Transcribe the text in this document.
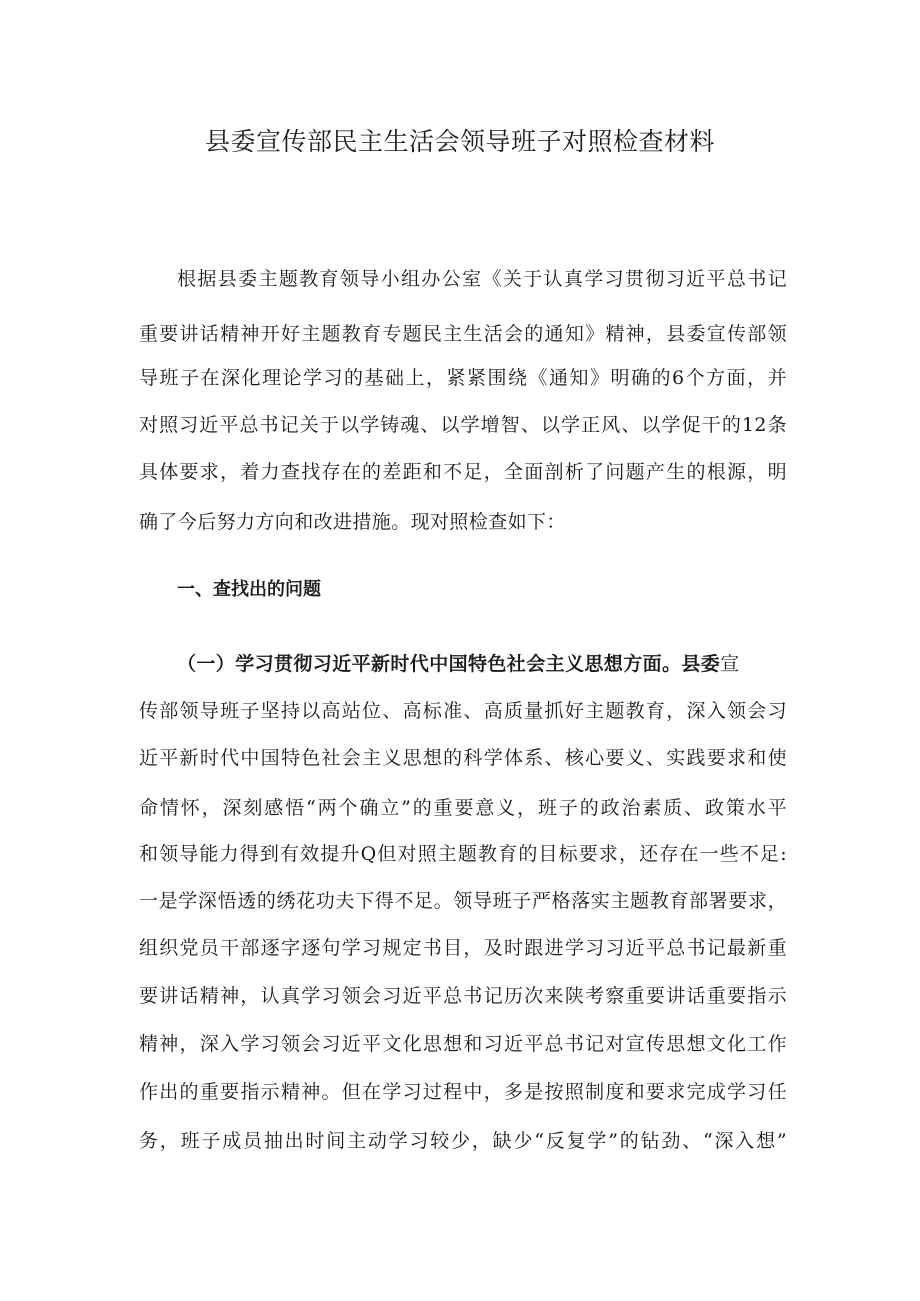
县委宣传部民主生活会领导班子对照检查材料
根据县委主题教育领导小组办公室《关于认真学习贯彻习近平总书记
重要讲话精神开好主题教育专题民主生活会的通知》精神，县委宣传部领
导班子在深化理论学习的基础上，紧紧围绕《通知》明确的6个方面，并
对照习近平总书记关于以学铸魂、以学增智、以学正风、以学促干的12条
具体要求，着力查找存在的差距和不足，全面剖析了问题产生的根源，明
确了今后努力方向和改进措施。现对照检查如下：
一、查找出的问题
（一）学习贯彻习近平新时代中国特色社会主义思想方面。县委宣
传部领导班子坚持以高站位、高标准、高质量抓好主题教育，深入领会习
近平新时代中国特色社会主义思想的科学体系、核心要义、实践要求和使
命情怀，深刻感悟“两个确立”的重要意义，班子的政治素质、政策水平
和领导能力得到有效提升Q但对照主题教育的目标要求，还存在一些不足:
一是学深悟透的绣花功夫下得不足。领导班子严格落实主题教育部署要求，
组织党员干部逐字逐句学习规定书目，及时跟进学习习近平总书记最新重
要讲话精神，认真学习领会习近平总书记历次来陕考察重要讲话重要指示
精神，深入学习领会习近平文化思想和习近平总书记对宣传思想文化工作
作出的重要指示精神。但在学习过程中，多是按照制度和要求完成学习任
务，班子成员抽出时间主动学习较少，缺少“反复学”的钻劲、“深入想”
